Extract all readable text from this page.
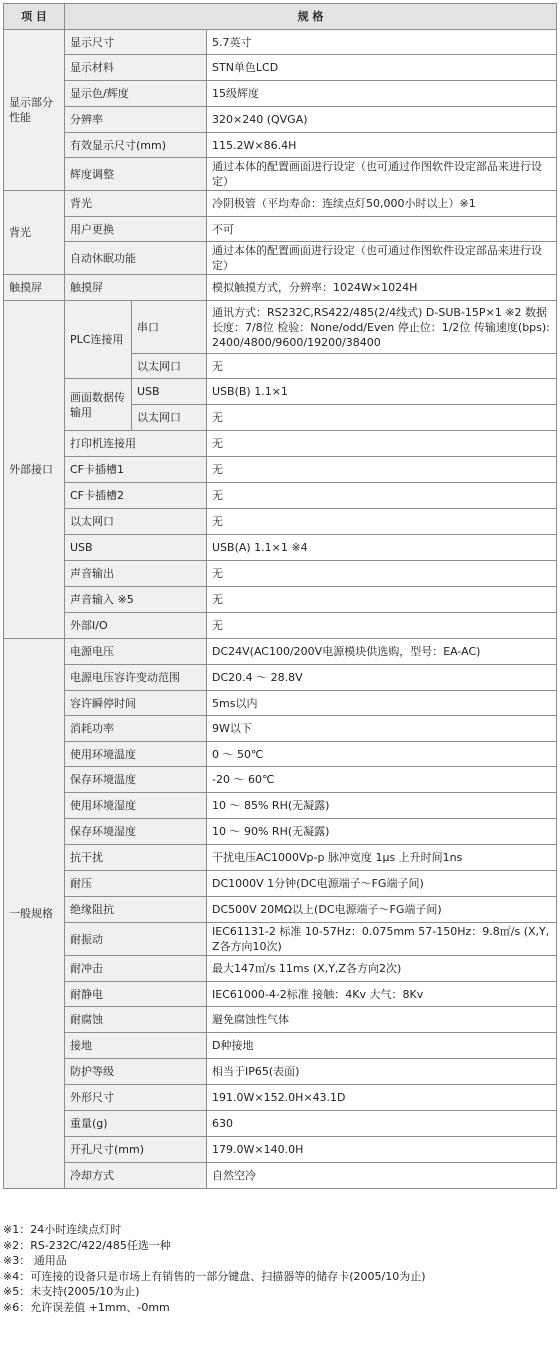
项 目	规 格		
显示部分性能	显示尺寸		5.7英寸
	显示材料		STN单色LCD
	显示色/辉度		15级辉度
	分辨率		320×240 (QVGA)
	有效显示尺寸(mm)		115.2W×86.4H
	辉度调整		通过本体的配置画面进行设定（也可通过作图软件设定部品来进行设定）
背光	背光		冷阴极管（平均寿命：连续点灯50,000小时以上）※1
	用户更换		不可
	自动休眠功能		通过本体的配置画面进行设定（也可通过作图软件设定部品来进行设定）
触摸屏	触摸屏		模拟触摸方式，分辨率：1024W×1024H
外部接口	PLC连接用	串口	通讯方式：RS232C,RS422/485(2/4线式) D-SUB-15P×1 ※2 数据长度：7/8位 检验：None/odd/Even 停止位：1/2位 传输速度(bps):2400/4800/9600/19200/38400
		以太网口	无
	画面数据传输用	USB	USB(B) 1.1×1
		以太网口	无
	打印机连接用		无
	CF卡插槽1		无
	CF卡插槽2		无
	以太网口		无
	USB		USB(A) 1.1×1 ※4
	声音输出		无
	声音输入 ※5		无
	外部I/O		无
一般规格	电源电压		DC24V(AC100/200V电源模块供选购，型号：EA-AC)
	电源电压容许变动范围		DC20.4 ～ 28.8V
	容许瞬停时间		5ms以内
	消耗功率		9W以下
	使用环境温度		0 ～ 50℃
	保存环境温度		-20 ～ 60℃
	使用环境湿度		10 ～ 85% RH(无凝露)
	保存环境湿度		10 ～ 90% RH(无凝露)
	抗干扰		干扰电压AC1000Vp-p 脉冲宽度 1μs 上升时间1ns
	耐压		DC1000V 1分钟(DC电源端子～FG端子间)
	绝缘阻抗		DC500V 20MΩ以上(DC电源端子～FG端子间)
	耐振动		IEC61131-2 标准 10-57Hz：0.075mm 57-150Hz：9.8㎡/s (X,Y,Z各方向10次)
	耐冲击		最大147㎡/s 11ms (X,Y,Z各方向2次)
	耐静电		IEC61000-4-2标准 接触：4Kv 大气：8Kv
	耐腐蚀		避免腐蚀性气体
	接地		D种接地
	防护等级		相当于IP65(表面)
	外形尺寸		191.0W×152.0H×43.1D
	重量(g)		630
	开孔尺寸(mm)		179.0W×140.0H
	冷却方式		自然空冷
※1：24小时连续点灯时
※2：RS-232C/422/485任选一种
※3： 通用品
※4：可连接的设备只是市场上有销售的一部分键盘、扫描器等的储存卡(2005/10为止)
※5：未支持(2005/10为止)
※6：允许误差值 +1mm、-0mm
